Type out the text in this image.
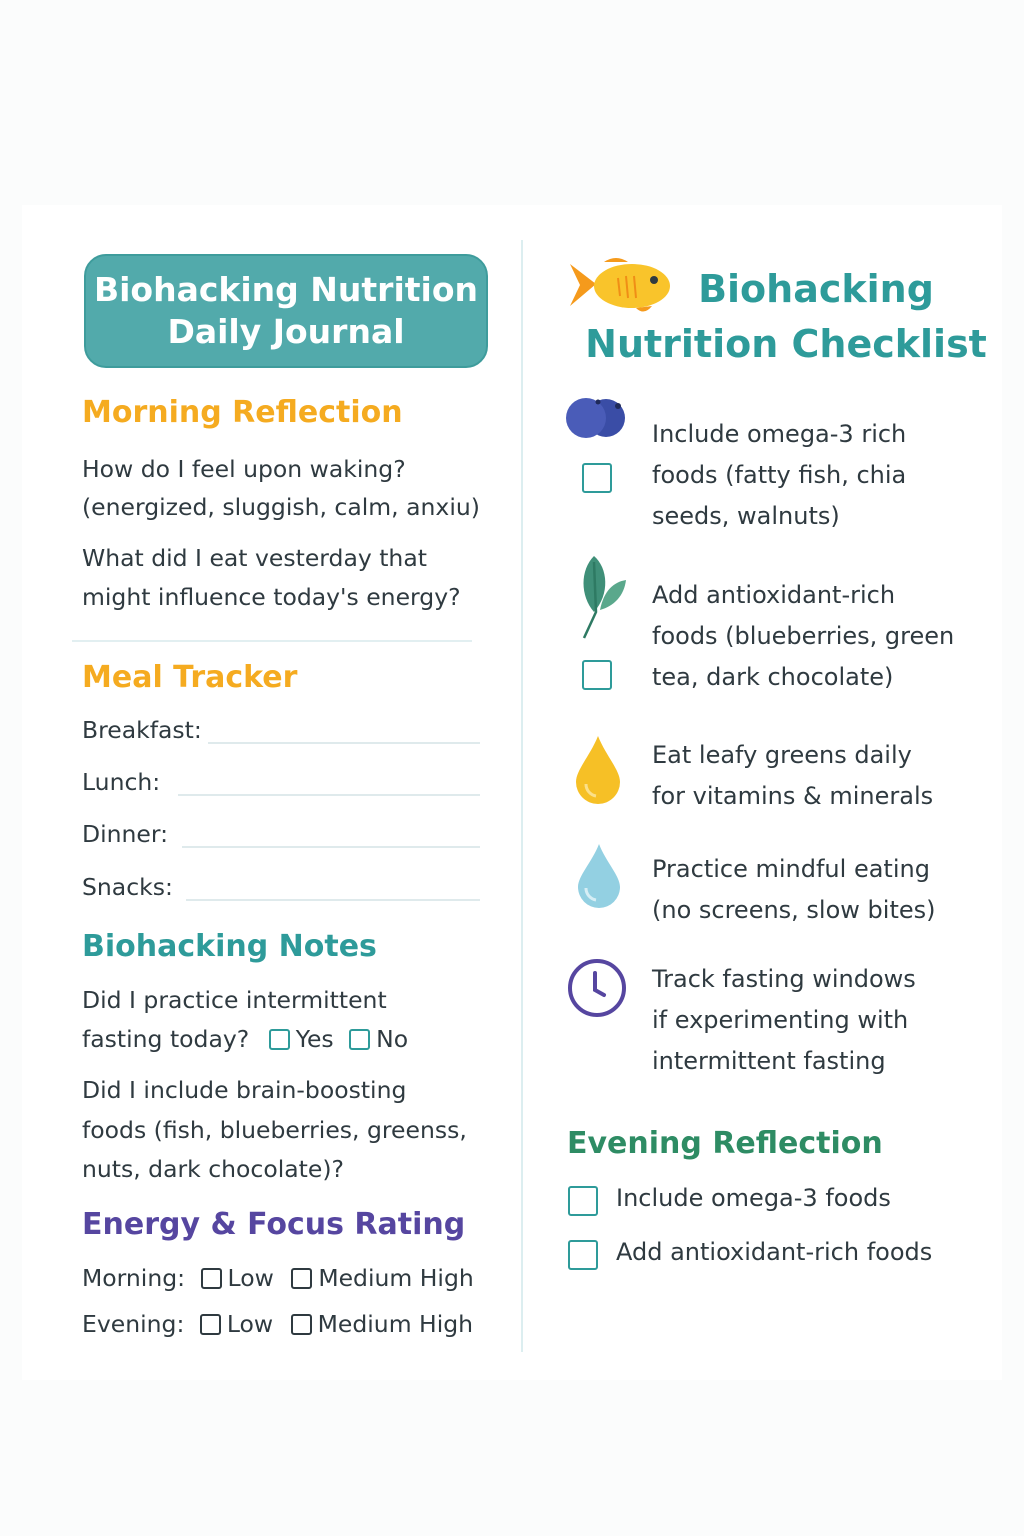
Biohacking Nutrition
Daily Journal
Morning Reflection
How do I feel upon waking?
(energized, sluggish, calm, anxiu)
What did I eat vesterday that
might influence today's energy?
Meal Tracker
Breakfast:
Lunch:
Dinner:
Snacks:
Biohacking Notes
Did I practice intermittent
fasting today? Yes No
Did I include brain-boosting
foods (fish, blueberries, greenss,
nuts, dark chocolate)?
Energy & Focus Rating
Morning: Low Medium High
Evening: Low Medium High
Biohacking
Nutrition Checklist
Include omega-3 rich
foods (fatty fish, chia
seeds, walnuts)
Add antioxidant-rich
foods (blueberries, green
tea, dark chocolate)
Eat leafy greens daily
for vitamins & minerals
Practice mindful eating
(no screens, slow bites)
Track fasting windows
if experimenting with
intermittent fasting
Evening Reflection
Include omega-3 foods
Add antioxidant-rich foods
